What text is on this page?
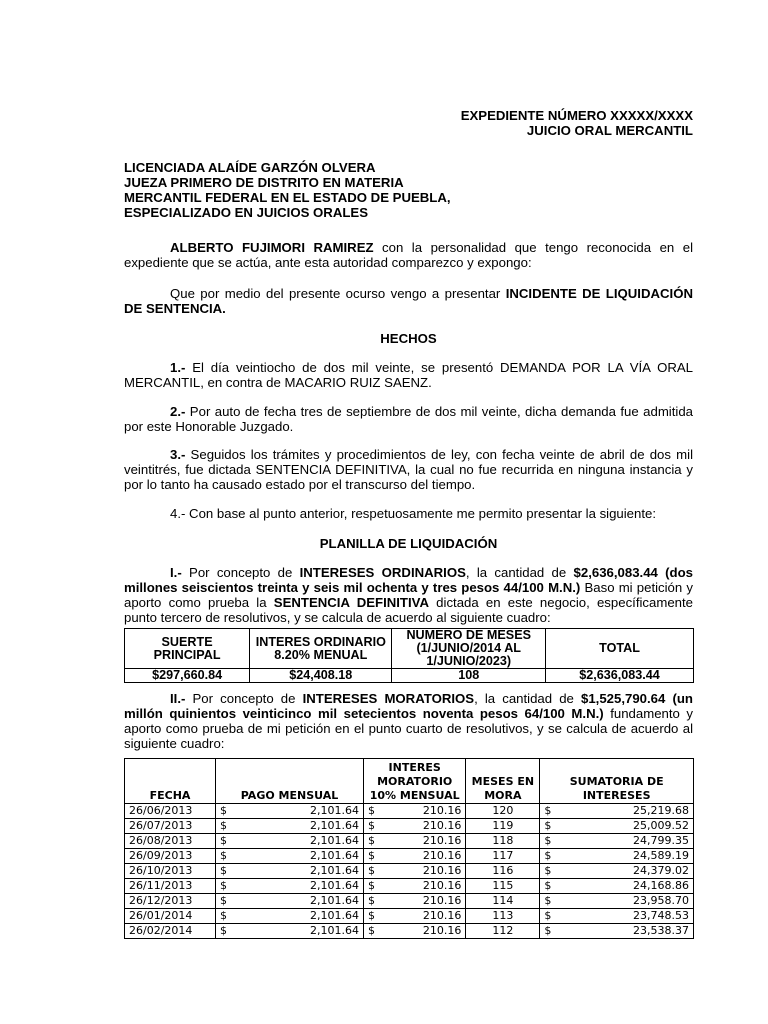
EXPEDIENTE NÚMERO XXXXX/XXXX
JUICIO ORAL MERCANTIL
LICENCIADA ALAÍDE GARZÓN OLVERA
JUEZA PRIMERO DE DISTRITO EN MATERIA
MERCANTIL FEDERAL EN EL ESTADO DE PUEBLA,
ESPECIALIZADO EN JUICIOS ORALES
ALBERTO FUJIMORI RAMIREZ con la personalidad que tengo reconocida en el expediente que se actúa, ante esta autoridad comparezco y expongo:
Que por medio del presente ocurso vengo a presentar INCIDENTE DE LIQUIDACIÓN DE SENTENCIA.
HECHOS
1.- El día veintiocho de dos mil veinte, se presentó DEMANDA POR LA VÍA ORAL MERCANTIL, en contra de MACARIO RUIZ SAENZ.
2.- Por auto de fecha tres de septiembre de dos mil veinte, dicha demanda fue admitida por este Honorable Juzgado.
3.- Seguidos los trámites y procedimientos de ley, con fecha veinte de abril de dos mil veintitrés, fue dictada SENTENCIA DEFINITIVA, la cual no fue recurrida en ninguna instancia y por lo tanto ha causado estado por el transcurso del tiempo.
4.- Con base al punto anterior, respetuosamente me permito presentar la siguiente:
PLANILLA DE LIQUIDACIÓN
I.- Por concepto de INTERESES ORDINARIOS, la cantidad de $2,636,083.44 (dos millones seiscientos treinta y seis mil ochenta y tres pesos 44/100 M.N.) Baso mi petición y aporto como prueba la SENTENCIA DEFINITIVA dictada en este negocio, específicamente punto tercero de resolutivos, y se calcula de acuerdo al siguiente cuadro:
SUERTE PRINCIPAL	INTERES ORDINARIO 8.20% MENUAL	NUMERO DE MESES (1/JUNIO/2014 AL 1/JUNIO/2023)	TOTAL
$297,660.84	$24,408.18	108	$2,636,083.44
II.- Por concepto de INTERESES MORATORIOS, la cantidad de $1,525,790.64 (un millón quinientos veinticinco mil setecientos noventa pesos 64/100 M.N.) fundamento y aporto como prueba de mi petición en el punto cuarto de resolutivos, y se calcula de acuerdo al siguiente cuadro:
FECHA	PAGO MENSUAL	INTERES MORATORIO 10% MENSUAL	MESES EN MORA	SUMATORIA DE INTERESES
26/06/2013	$ 2,101.64	$ 210.16	120	$ 25,219.68

26/07/2013	$ 2,101.64	$ 210.16	119	$ 25,009.52

26/08/2013	$ 2,101.64	$ 210.16	118	$ 24,799.35

26/09/2013	$ 2,101.64	$ 210.16	117	$ 24,589.19

26/10/2013	$ 2,101.64	$ 210.16	116	$ 24,379.02

26/11/2013	$ 2,101.64	$ 210.16	115	$ 24,168.86

26/12/2013	$ 2,101.64	$ 210.16	114	$ 23,958.70

26/01/2014	$ 2,101.64	$ 210.16	113	$ 23,748.53

26/02/2014	$ 2,101.64	$ 210.16	112	$ 23,538.37
